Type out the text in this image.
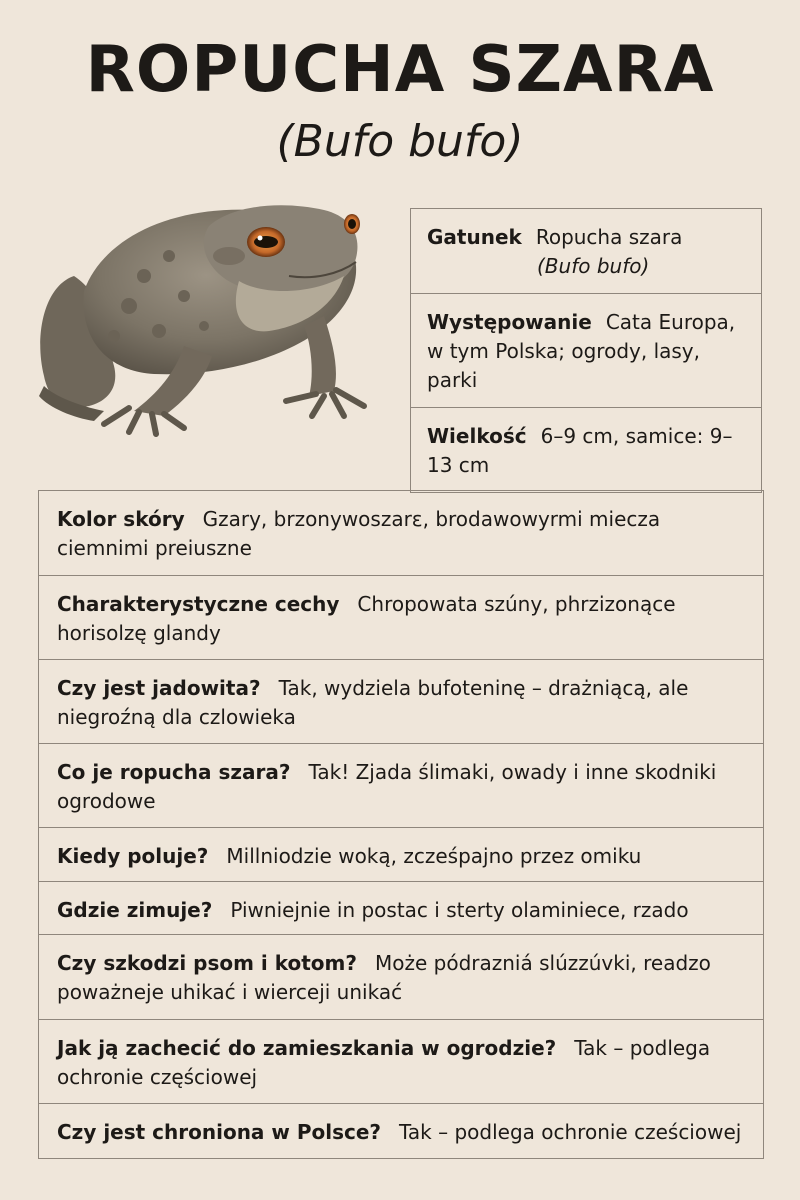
ROPUCHA SZARA
(Bufo bufo)
Gatunek Ropucha szara
(Bufo bufo)
Występowanie Cata Europa, w tym Polska; ogrody, lasy, parki
Wielkość 6–9 cm, samice: 9–13 cm
Kolor skóry Gzary, brzonywoszarε, brodawowyrmi miecza ciemnimi preiuszne
Charakterystyczne cechy Chropowata szúny, phrzizonące horisolzę glandy
Czy jest jadowita? Tak, wydziela bufoteninę – drażniącą, ale niegroźną dla czlowieka
Co je ropucha szara? Tak! Zjada ślimaki, owady i inne skodniki ogrodowe
Kiedy poluje? Millniodzie woką, zcześpajno przez omiku
Gdzie zimuje? Piwniejnie in postac i sterty olaminiece, rzado
Czy szkodzi psom i kotom? Może pódrazniá slúzzúvki, readzo poważneje uhikać i wierceji unikać
Jak ją zachecić do zamieszkania w ogrodzie? Tak – podlega ochronie częściowej
Czy jest chroniona w Polsce? Tak – podlega ochronie cześciowej
